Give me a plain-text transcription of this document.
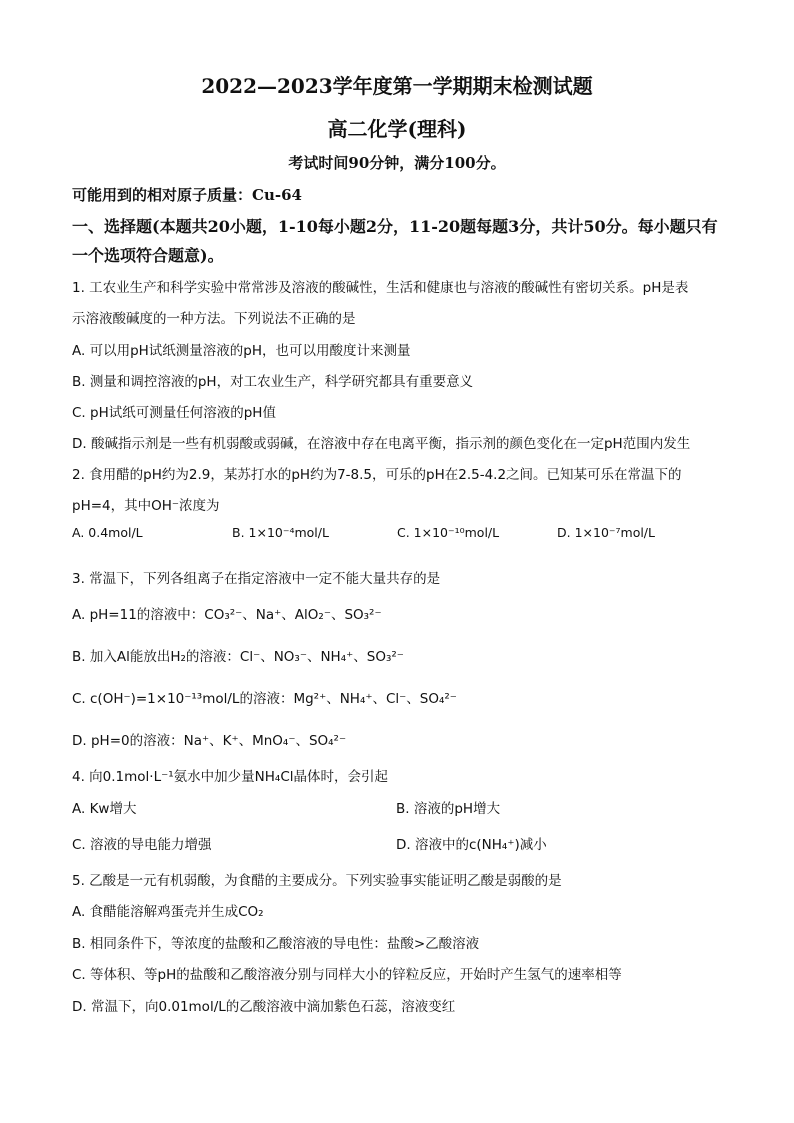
2022—2023学年度第一学期期末检测试题
高二化学(理科)
考试时间90分钟，满分100分。
可能用到的相对原子质量：Cu-64
一、选择题(本题共20小题，1-10每小题2分，11-20题每题3分，共计50分。每小题只有
一个选项符合题意)。
1. 工农业生产和科学实验中常常涉及溶液的酸碱性，生活和健康也与溶液的酸碱性有密切关系。pH是表
示溶液酸碱度的一种方法。下列说法不正确的是
A. 可以用pH试纸测量溶液的pH，也可以用酸度计来测量
B. 测量和调控溶液的pH，对工农业生产，科学研究都具有重要意义
C. pH试纸可测量任何溶液的pH值
D. 酸碱指示剂是一些有机弱酸或弱碱，在溶液中存在电离平衡，指示剂的颜色变化在一定pH范围内发生
2. 食用醋的pH约为2.9，某苏打水的pH约为7-8.5，可乐的pH在2.5-4.2之间。已知某可乐在常温下的
pH=4，其中OH⁻浓度为
A. 0.4mol/L	B. 1×10⁻⁴mol/L	C. 1×10⁻¹⁰mol/L	D. 1×10⁻⁷mol/L
3. 常温下，下列各组离子在指定溶液中一定不能大量共存的是
A. pH=11的溶液中：CO₃²⁻、Na⁺、AlO₂⁻、SO₃²⁻
B. 加入Al能放出H₂的溶液：Cl⁻、NO₃⁻、NH₄⁺、SO₃²⁻
C. c(OH⁻)=1×10⁻¹³mol/L的溶液：Mg²⁺、NH₄⁺、Cl⁻、SO₄²⁻
D. pH=0的溶液：Na⁺、K⁺、MnO₄⁻、SO₄²⁻
4. 向0.1mol·L⁻¹氨水中加少量NH₄Cl晶体时，会引起
A. Kw增大	B. 溶液的pH增大
C. 溶液的导电能力增强	D. 溶液中的c(NH₄⁺)减小
5. 乙酸是一元有机弱酸，为食醋的主要成分。下列实验事实能证明乙酸是弱酸的是
A. 食醋能溶解鸡蛋壳并生成CO₂
B. 相同条件下，等浓度的盐酸和乙酸溶液的导电性：盐酸>乙酸溶液
C. 等体积、等pH的盐酸和乙酸溶液分别与同样大小的锌粒反应，开始时产生氢气的速率相等
D. 常温下，向0.01mol/L的乙酸溶液中滴加紫色石蕊，溶液变红
